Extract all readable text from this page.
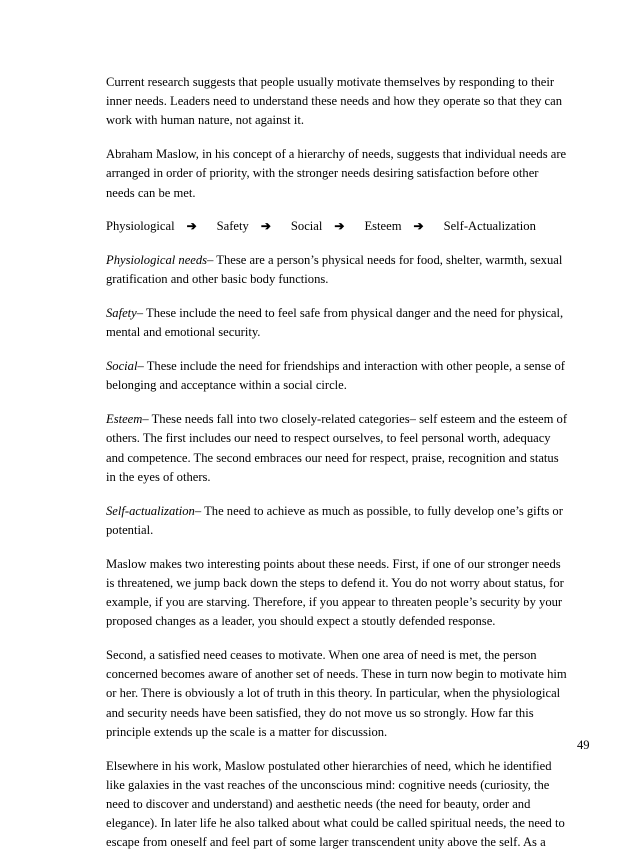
Current research suggests that people usually motivate themselves by responding to their inner needs. Leaders need to understand these needs and how they operate so that they can work with human nature, not against it.

Abraham Maslow, in his concept of a hierarchy of needs, suggests that individual needs are arranged in order of priority, with the stronger needs desiring satisfaction before other needs can be met.

Physiological ➔ Safety ➔ Social ➔ Esteem ➔ Self-Actualization

Physiological needs– These are a person’s physical needs for food, shelter, warmth, sexual gratification and other basic body functions.

Safety– These include the need to feel safe from physical danger and the need for physical, mental and emotional security.

Social– These include the need for friendships and interaction with other people, a sense of belonging and acceptance within a social circle.

Esteem– These needs fall into two closely-related categories– self esteem and the esteem of others. The first includes our need to respect ourselves, to feel personal worth, adequacy and competence. The second embraces our need for respect, praise, recognition and status in the eyes of others.

Self-actualization– The need to achieve as much as possible, to fully develop one’s gifts or potential.

Maslow makes two interesting points about these needs. First, if one of our stronger needs is threatened, we jump back down the steps to defend it. You do not worry about status, for example, if you are starving. Therefore, if you appear to threaten people’s security by your proposed changes as a leader, you should expect a stoutly defended response.

Second, a satisfied need ceases to motivate. When one area of need is met, the person concerned becomes aware of another set of needs. These in turn now begin to motivate him or her. There is obviously a lot of truth in this theory. In particular, when the physiological and security needs have been satisfied, they do not move us so strongly. How far this principle extends up the scale is a matter for discussion.

Elsewhere in his work, Maslow postulated other hierarchies of need, which he identified like galaxies in the vast reaches of the unconscious mind: cognitive needs (curiosity, the need to discover and understand) and aesthetic needs (the need for beauty, order and elegance). In later life he also talked about what could be called spiritual needs, the need to escape from oneself and feel part of some larger transcendent unity above the self. As a

49
